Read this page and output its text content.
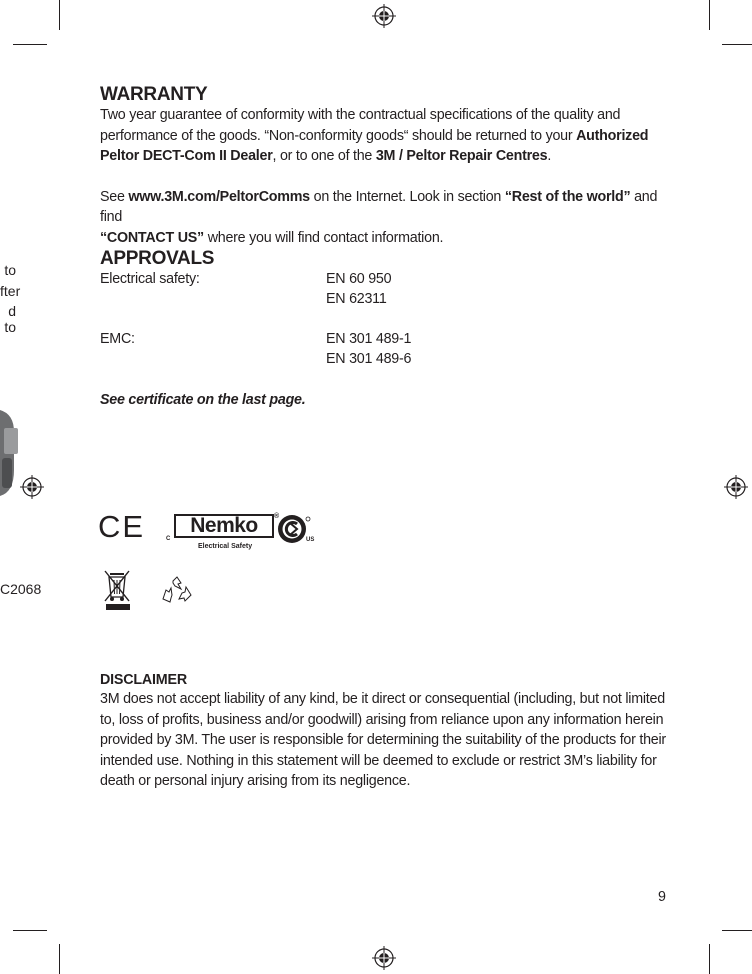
to
fter
d to
C2068
WARRANTY
Two year guarantee of conformity with the contractual specifications of the quality and
performance of the goods. “Non-conformity goods“ should be returned to your Authorized
Peltor DECT-Com II Dealer, or to one of the 3M / Peltor Repair Centres.
See www.3M.com/PeltorComms on the Internet. Look in section “Rest of the world” and find
“CONTACT US” where you will find contact information.
APPROVALS
Electrical safety:	EN 60 950
EN 62311
EMC:	EN 301 489-1
EN 301 489-6
See certificate on the last page.
CE	C
Nemko	®
Electrical Safety
US
DISCLAIMER
3M does not accept liability of any kind, be it direct or consequential (including, but not limited
to, loss of profits, business and/or goodwill) arising from reliance upon any information herein
provided by 3M. The user is responsible for determining the suitability of the products for their
intended use. Nothing in this statement will be deemed to exclude or restrict 3M’s liability for
death or personal injury arising from its negligence.
9
